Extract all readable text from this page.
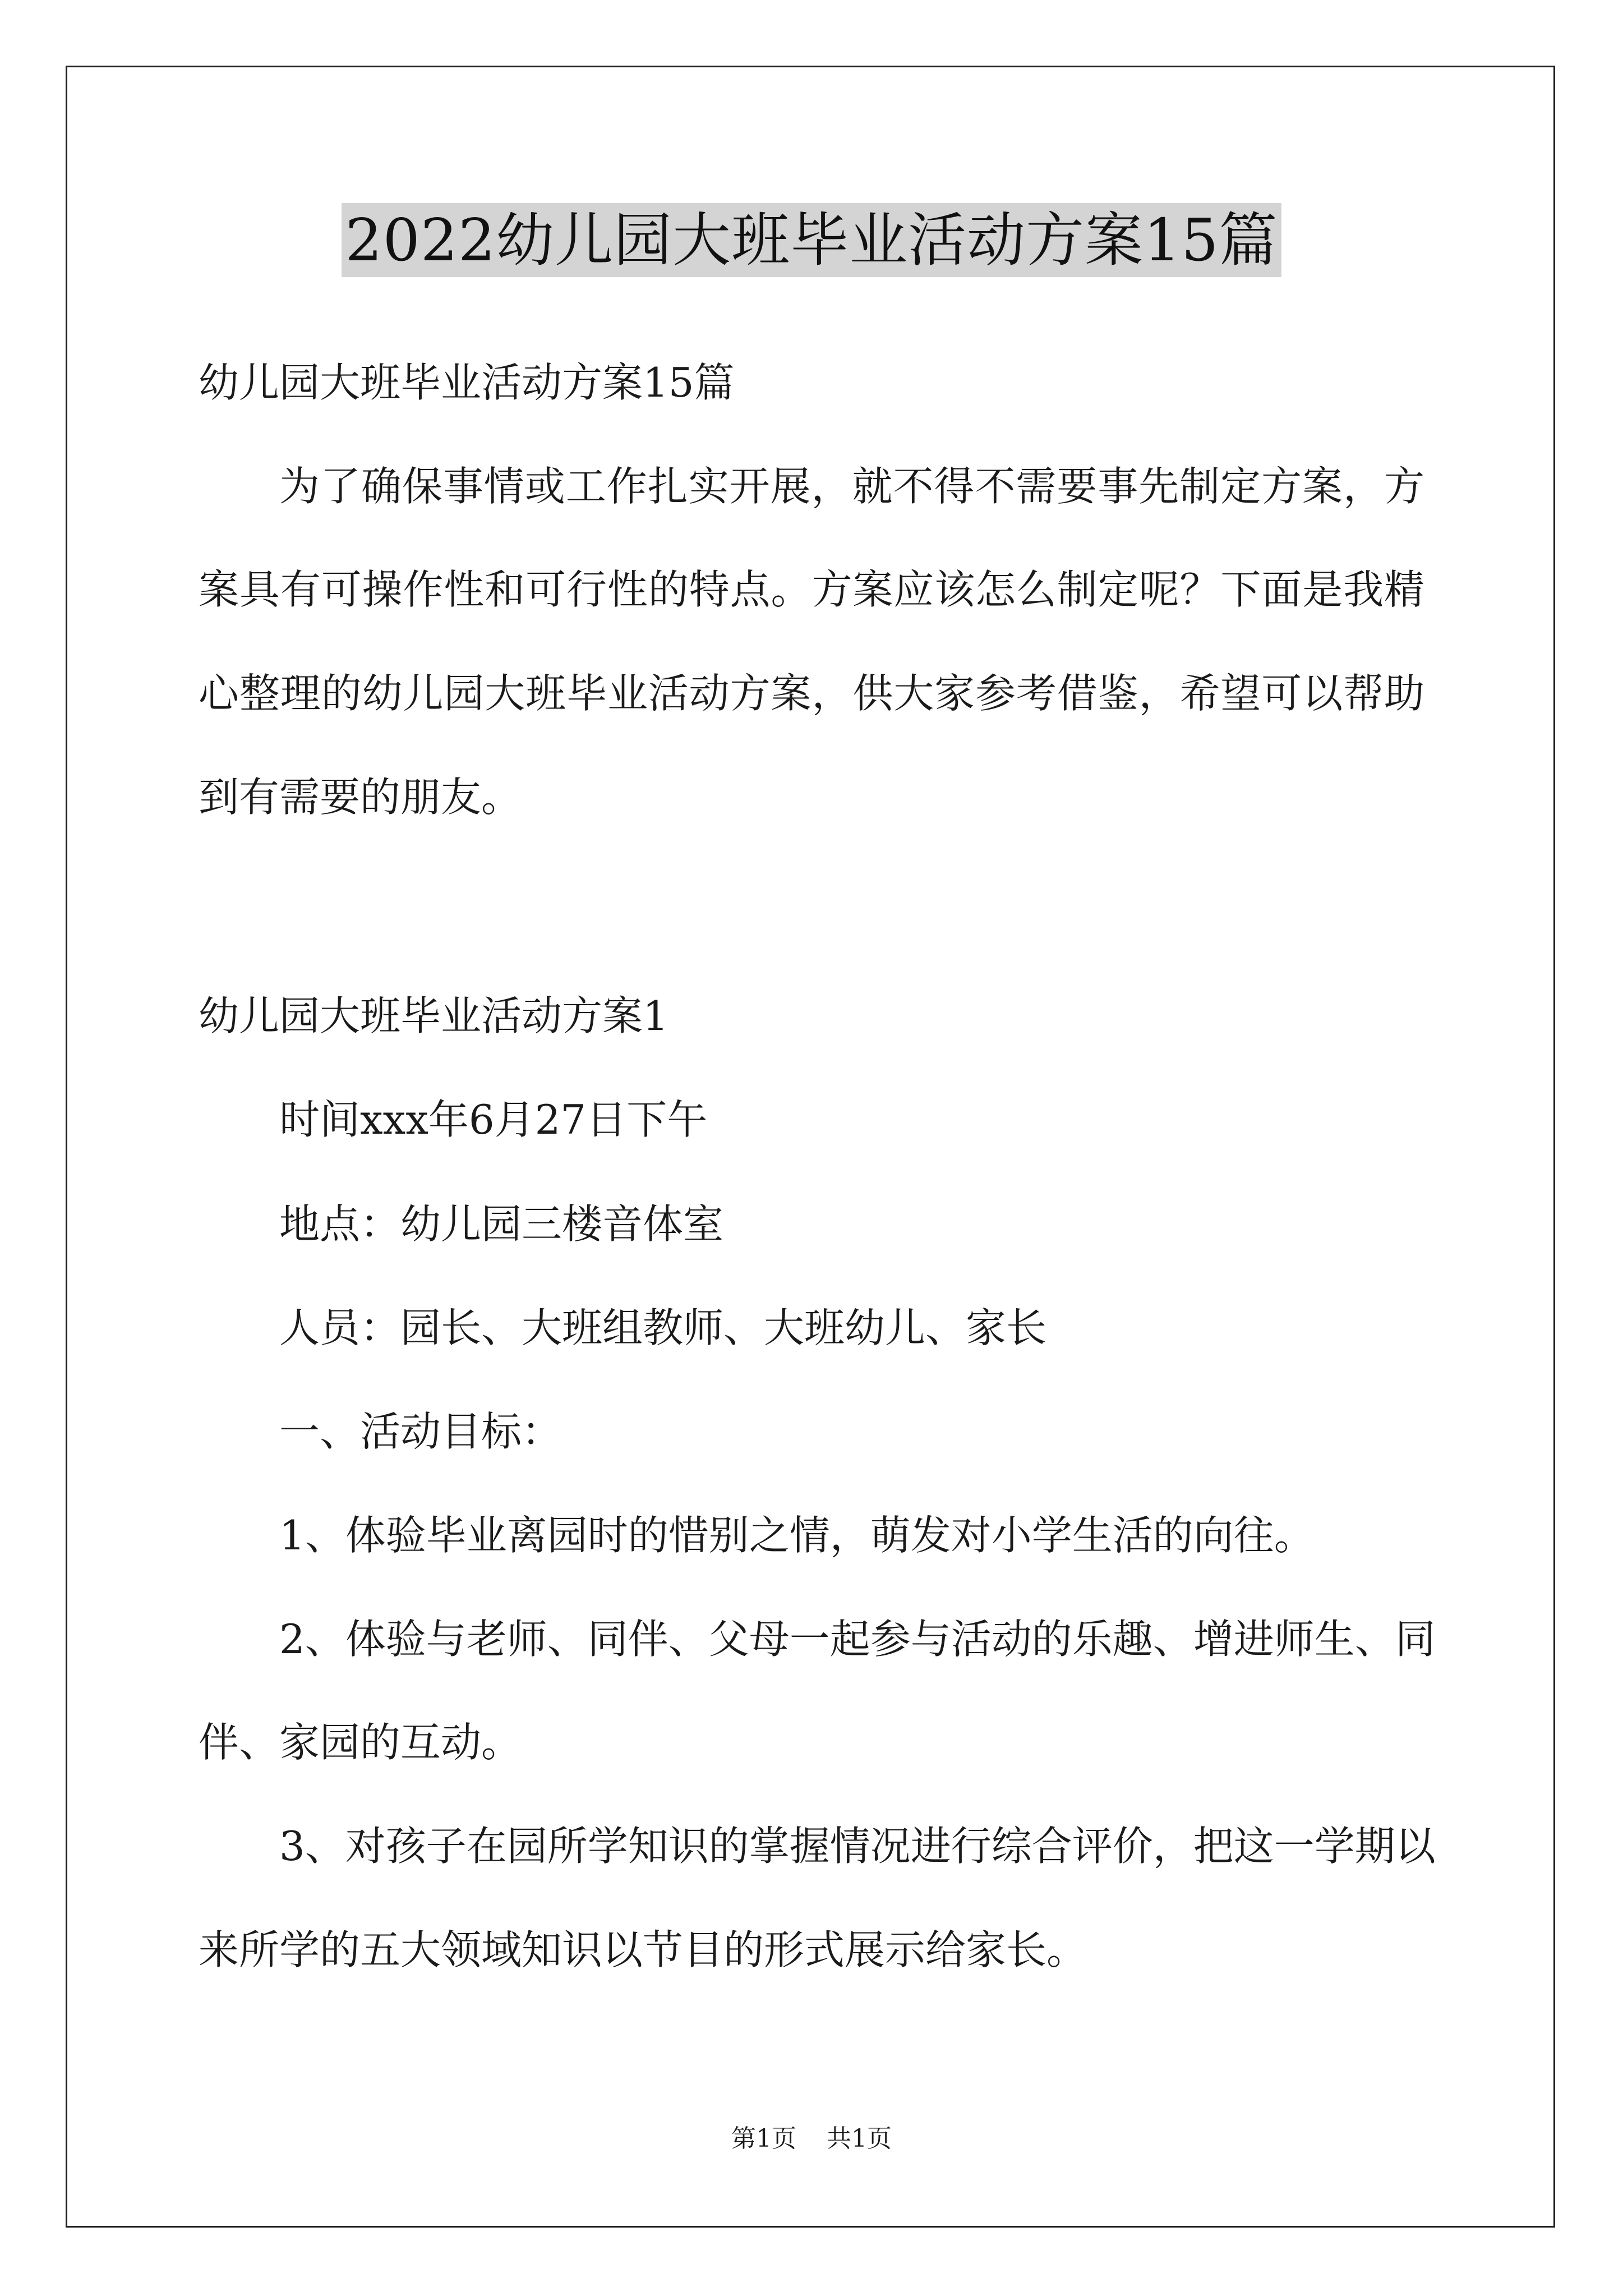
2022幼儿园大班毕业活动方案15篇
幼儿园大班毕业活动方案15篇
为了确保事情或工作扎实开展，就不得不需要事先制定方案，方
案具有可操作性和可行性的特点。方案应该怎么制定呢？下面是我精
心整理的幼儿园大班毕业活动方案，供大家参考借鉴，希望可以帮助
到有需要的朋友。
幼儿园大班毕业活动方案1
时间xxx年6月27日下午
地点：幼儿园三楼音体室
人员：园长、大班组教师、大班幼儿、家长
一、活动目标：
1、体验毕业离园时的惜别之情，萌发对小学生活的向往。
2、体验与老师、同伴、父母一起参与活动的乐趣、增进师生、同
伴、家园的互动。
3、对孩子在园所学知识的掌握情况进行综合评价，把这一学期以
来所学的五大领域知识以节目的形式展示给家长。
第1页 共1页
